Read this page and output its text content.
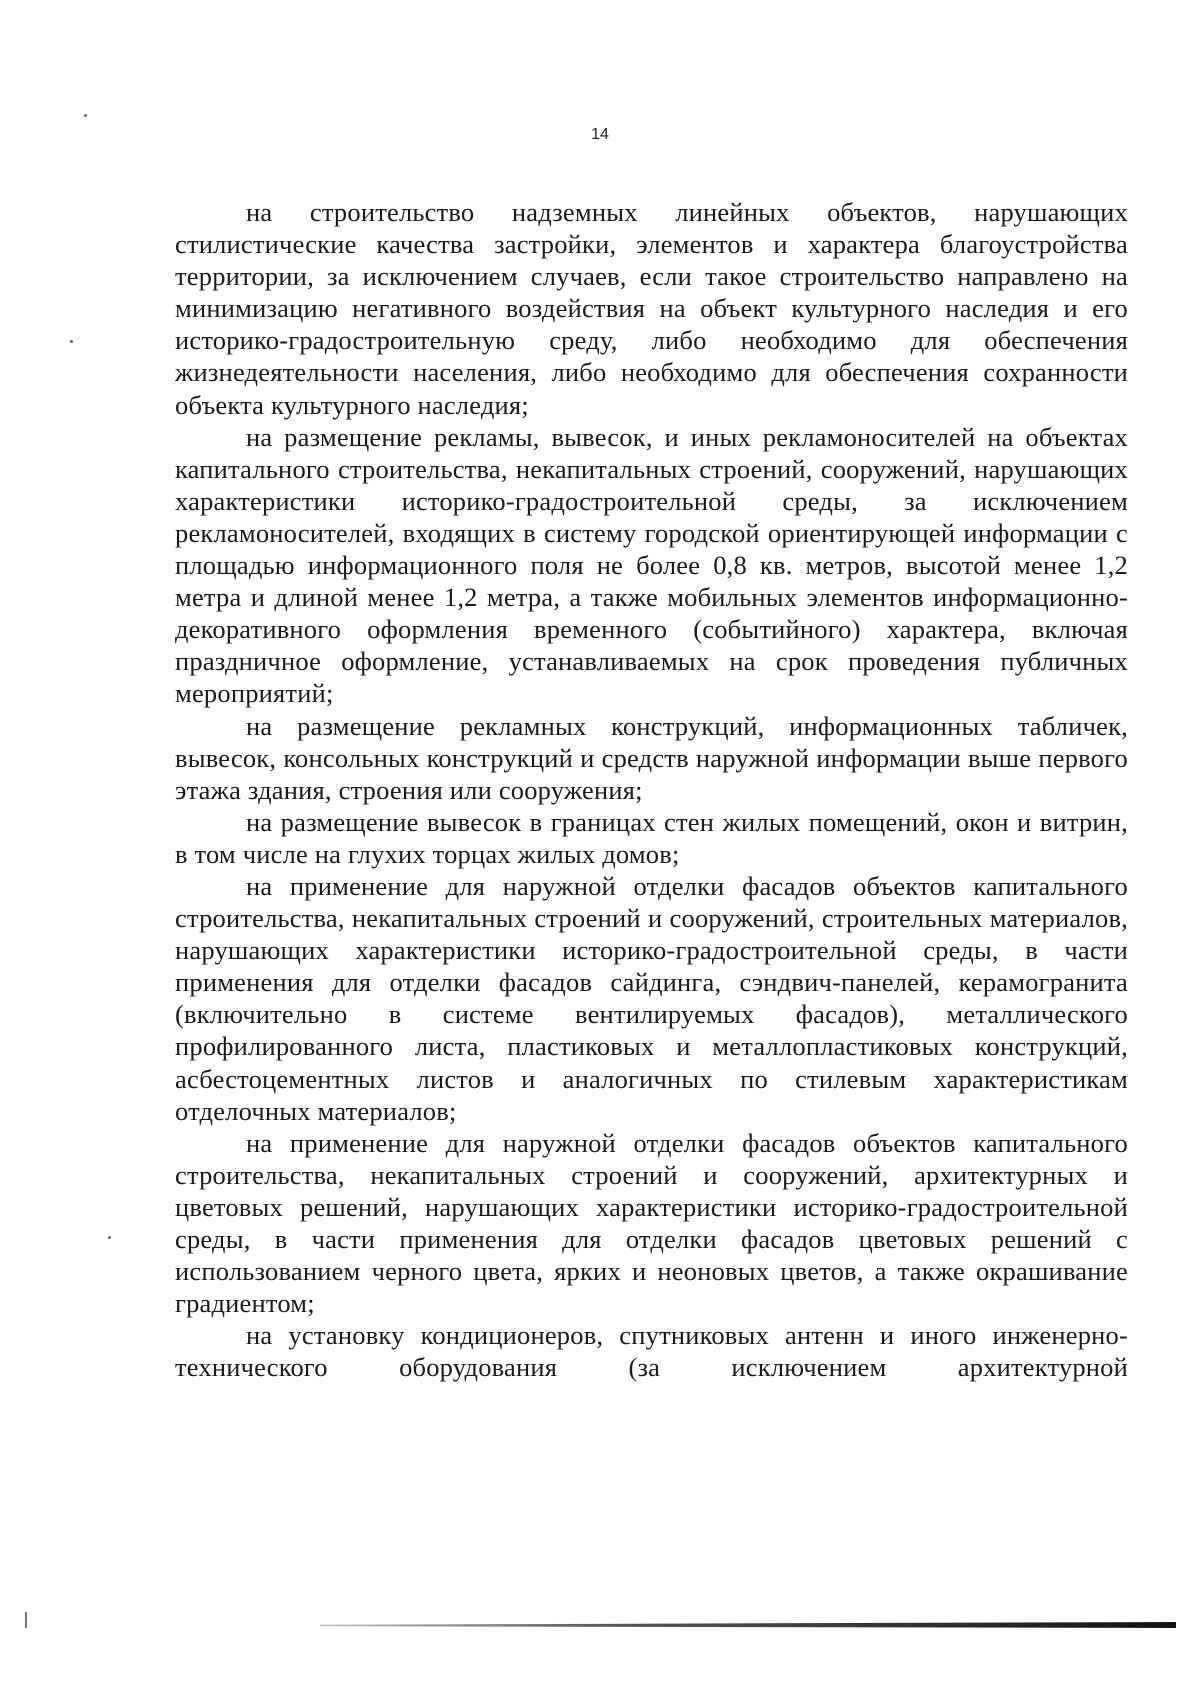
14

на строительство надземных линейных объектов, нарушающих стилистические качества застройки, элементов и характера благоустройства территории, за исключением случаев, если такое строительство направлено на минимизацию негативного воздействия на объект культурного наследия и его историко-градостроительную среду, либо необходимо для обеспечения жизнедеятельности населения, либо необходимо для обеспечения сохранности объекта культурного наследия;

на размещение рекламы, вывесок, и иных рекламоносителей на объектах капитального строительства, некапитальных строений, сооружений, нарушающих характеристики историко-градостроительной среды, за исключением рекламоносителей, входящих в систему городской ориентирующей информации с площадью информационного поля не более 0,8 кв. метров, высотой менее 1,2 метра и длиной менее 1,2 метра, а также мобильных элементов информационно-декоративного оформления временного (событийного) характера, включая праздничное оформление, устанавливаемых на срок проведения публичных мероприятий;

на размещение рекламных конструкций, информационных табличек, вывесок, консольных конструкций и средств наружной информации выше первого этажа здания, строения или сооружения;

на размещение вывесок в границах стен жилых помещений, окон и витрин, в том числе на глухих торцах жилых домов;

на применение для наружной отделки фасадов объектов капитального строительства, некапитальных строений и сооружений, строительных материалов, нарушающих характеристики историко-градостроительной среды, в части применения для отделки фасадов сайдинга, сэндвич-панелей, керамогранита (включительно в системе вентилируемых фасадов), металлического профилированного листа, пластиковых и металлопластиковых конструкций, асбестоцементных листов и аналогичных по стилевым характеристикам отделочных материалов;

на применение для наружной отделки фасадов объектов капитального строительства, некапитальных строений и сооружений, архитектурных и цветовых решений, нарушающих характеристики историко-градостроительной среды, в части применения для отделки фасадов цветовых решений с использованием черного цвета, ярких и неоновых цветов, а также окрашивание градиентом;

на установку кондиционеров, спутниковых антенн и иного инженерно-технического оборудования (за исключением архитектурной
